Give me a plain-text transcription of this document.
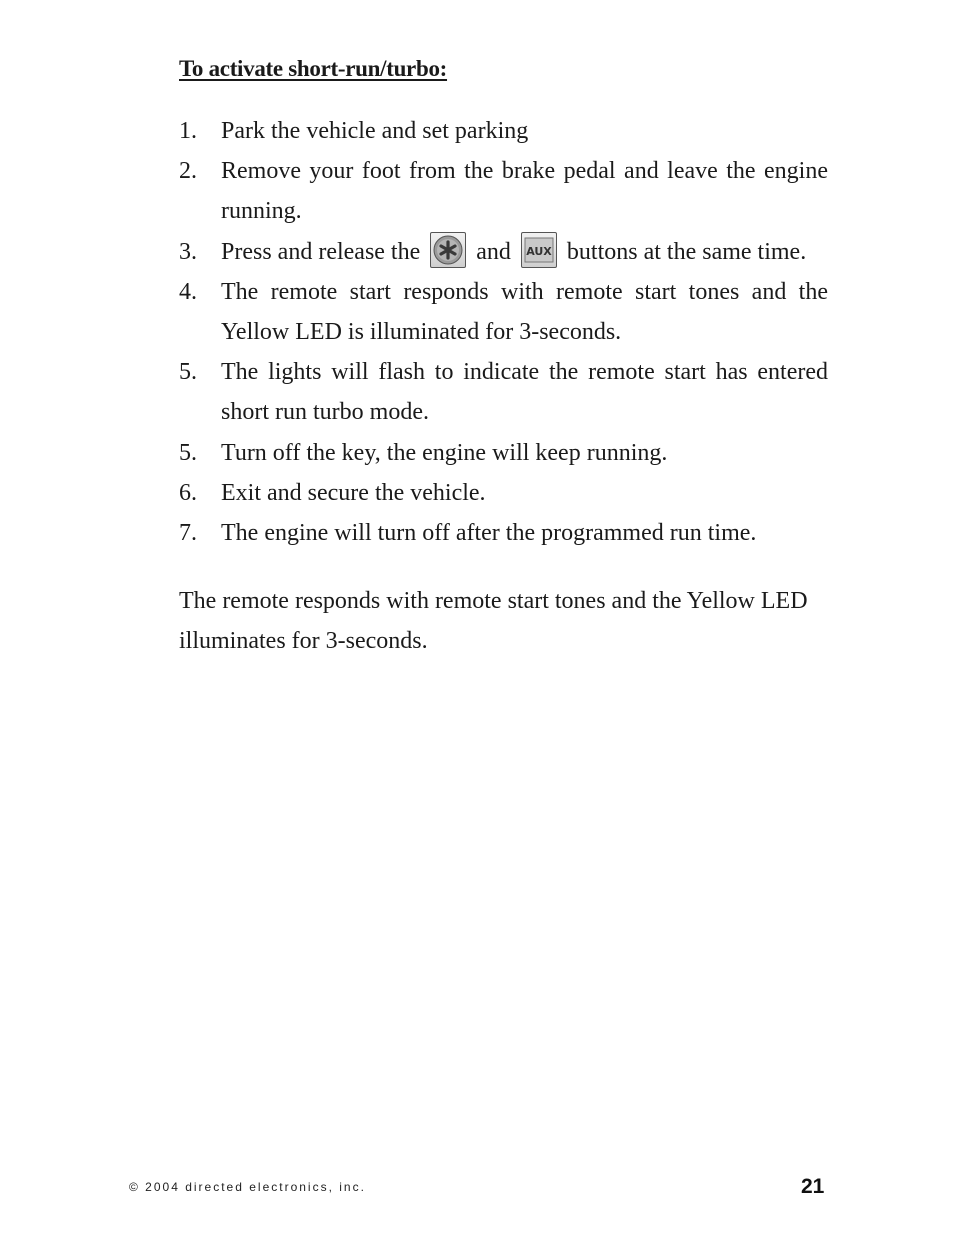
To activate short-run/turbo:
1. Park the vehicle and set parking
2. Remove your foot from the brake pedal and leave the engine running.
3. Press and release the and AUX buttons at the same time.
4. The remote start responds with remote start tones and the Yellow LED is illuminated for 3-seconds.
5. The lights will flash to indicate the remote start has entered short run turbo mode.
5. Turn off the key, the engine will keep running.
6. Exit and secure the vehicle.
7. The engine will turn off after the programmed run time.

The remote responds with remote start tones and the Yellow LED illuminates for 3-seconds.

© 2004 directed electronics, inc.	21
